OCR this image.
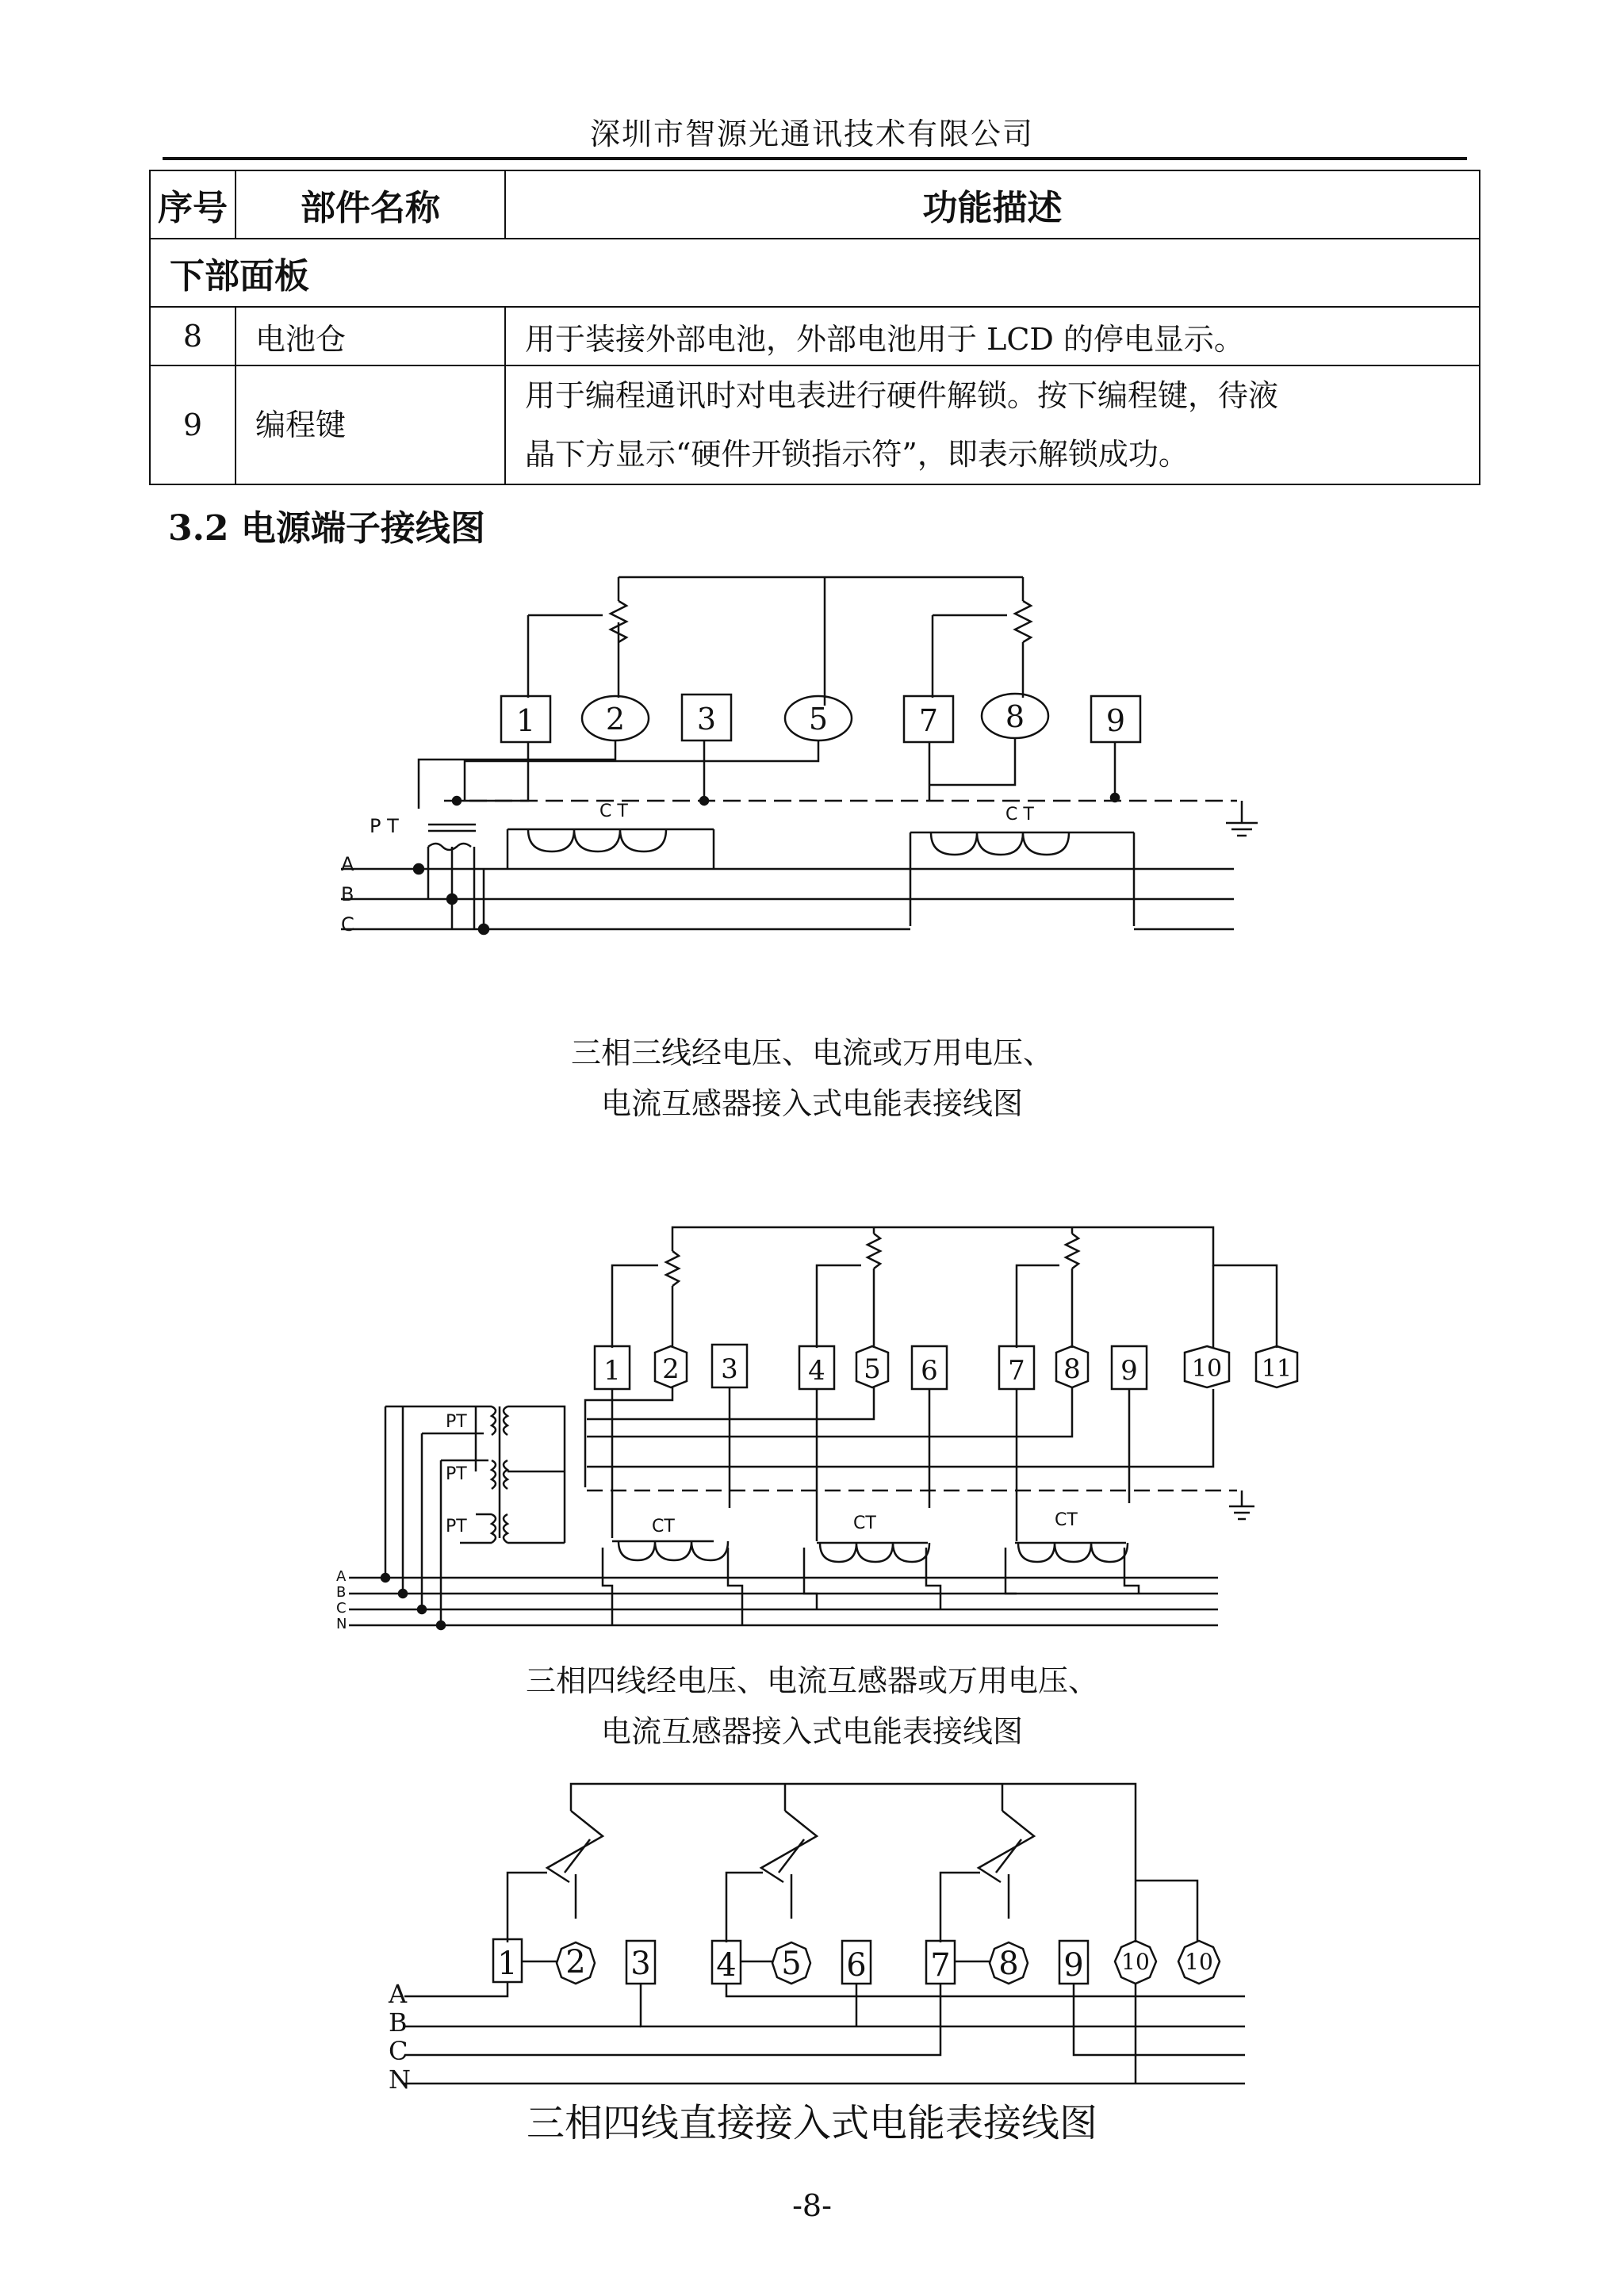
深圳市智源光通讯技术有限公司
序号	部件名称	功能描述
下部面板		
8	电池仓	用于装接外部电池，外部电池用于 LCD 的停电显示。
9	编程键	用于编程通讯时对电表进行硬件解锁。按下编程键，待液
晶下方显示“硬件开锁指示符”，即表示解锁成功。
3.2 电源端子接线图
1 2 3	5	7 8	9
P T
C T	C T
A
B
C
三相三线经电压、电流或万用电压、
电流互感器接入式电能表接线图
1 2 3	4 5 6	7 8 9 10 11
PT
PT
PT	CT	CT	CT
A
B
C
N
三相四线经电压、电流互感器或万用电压、
电流互感器接入式电能表接线图
1 2 3 4 5 6 7 8 9 10 10
A
B
C
N
三相四线直接接入式电能表接线图
-8-
